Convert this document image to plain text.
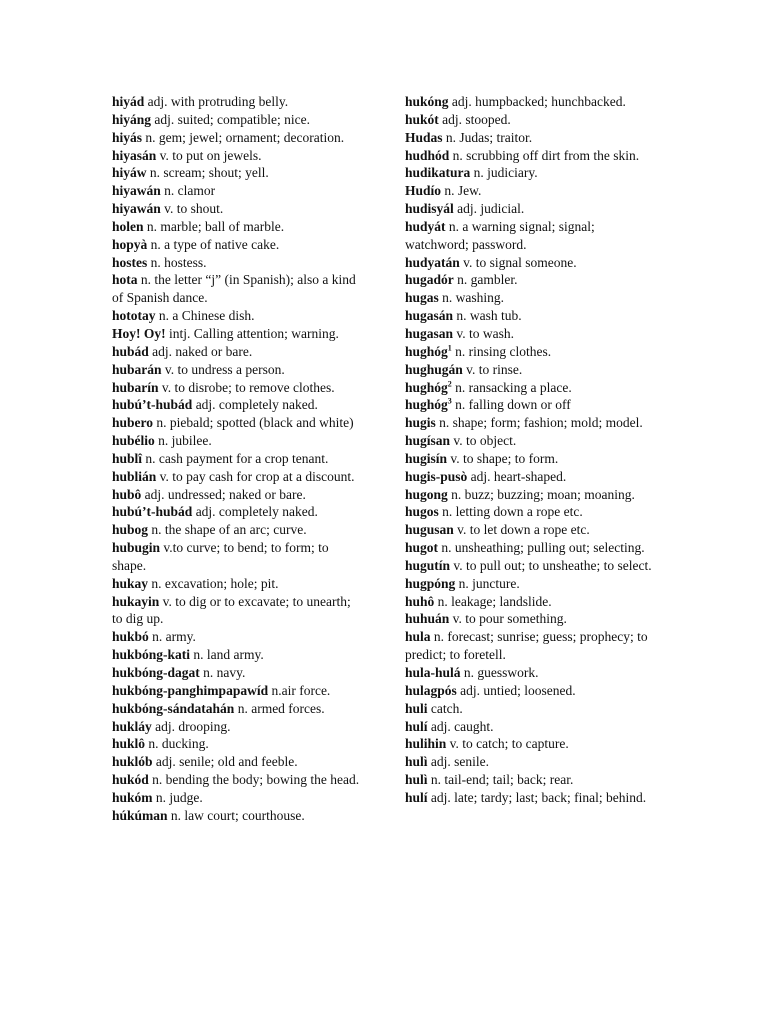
hiyád adj. with protruding belly.

hiyáng adj. suited; compatible; nice.

hiyás n. gem; jewel; ornament; decoration.

hiyasán v. to put on jewels.

hiyáw n. scream; shout; yell.

hiyawán n. clamor

hiyawán v. to shout.

holen n. marble; ball of marble.

hopyà n. a type of native cake.

hostes n. hostess.

hota n. the letter “j” (in Spanish); also a kind of Spanish dance.

hototay n. a Chinese dish.

Hoy! Oy! intj. Calling attention; warning.

hubád adj. naked or bare.

hubarán v. to undress a person.

hubarín v. to disrobe; to remove clothes.

hubú’t-hubád adj. completely naked.

hubero n. piebald; spotted (black and white)

hubélio n. jubilee.

hublî n. cash payment for a crop tenant.

hublián v. to pay cash for crop at a discount.

hubô adj. undressed; naked or bare.

hubú’t-hubád adj. completely naked.

hubog n. the shape of an arc; curve.

hubugin v.to curve; to bend; to form; to shape.

hukay n. excavation; hole; pit.

hukayin v. to dig or to excavate; to unearth; to dig up.

hukbó n. army.

hukbóng-kati n. land army.

hukbóng-dagat n. navy.

hukbóng-panghimpapawíd n.air force.

hukbóng-sándatahán n. armed forces.

hukláy adj. drooping.

huklô n. ducking.

huklób adj. senile; old and feeble.

hukód n. bending the body; bowing the head.

hukóm n. judge.

húkúman n. law court; courthouse.

hukóng adj. humpbacked; hunchbacked.

hukót adj. stooped.

Hudas n. Judas; traitor.

hudhód n. scrubbing off dirt from the skin.

hudikatura n. judiciary.

Hudío n. Jew.

hudisyál adj. judicial.

hudyát n. a warning signal; signal; watchword; password.

hudyatán v. to signal someone.

hugadór n. gambler.

hugas n. washing.

hugasán n. wash tub.

hugasan v. to wash.

hughóg$^1$ n. rinsing clothes.

hughugán v. to rinse.

hughóg$^2$ n. ransacking a place.

hughóg$^3$ n. falling down or off

hugis n. shape; form; fashion; mold; model.

hugísan v. to object.

hugisín v. to shape; to form.

hugis-pusò adj. heart-shaped.

hugong n. buzz; buzzing; moan; moaning.

hugos n. letting down a rope etc.

hugusan v. to let down a rope etc.

hugot n. unsheathing; pulling out; selecting.

hugutín v. to pull out; to unsheathe; to select.

hugpóng n. juncture.

huhô n. leakage; landslide.

huhuán v. to pour something.

hula n. forecast; sunrise; guess; prophecy; to predict; to foretell.

hula-hulá n. guesswork.

hulagpós adj. untied; loosened.

huli catch.

hulí adj. caught.

hulihin v. to catch; to capture.

hulì adj. senile.

hulì n. tail-end; tail; back; rear.

hulí adj. late; tardy; last; back; final; behind.
